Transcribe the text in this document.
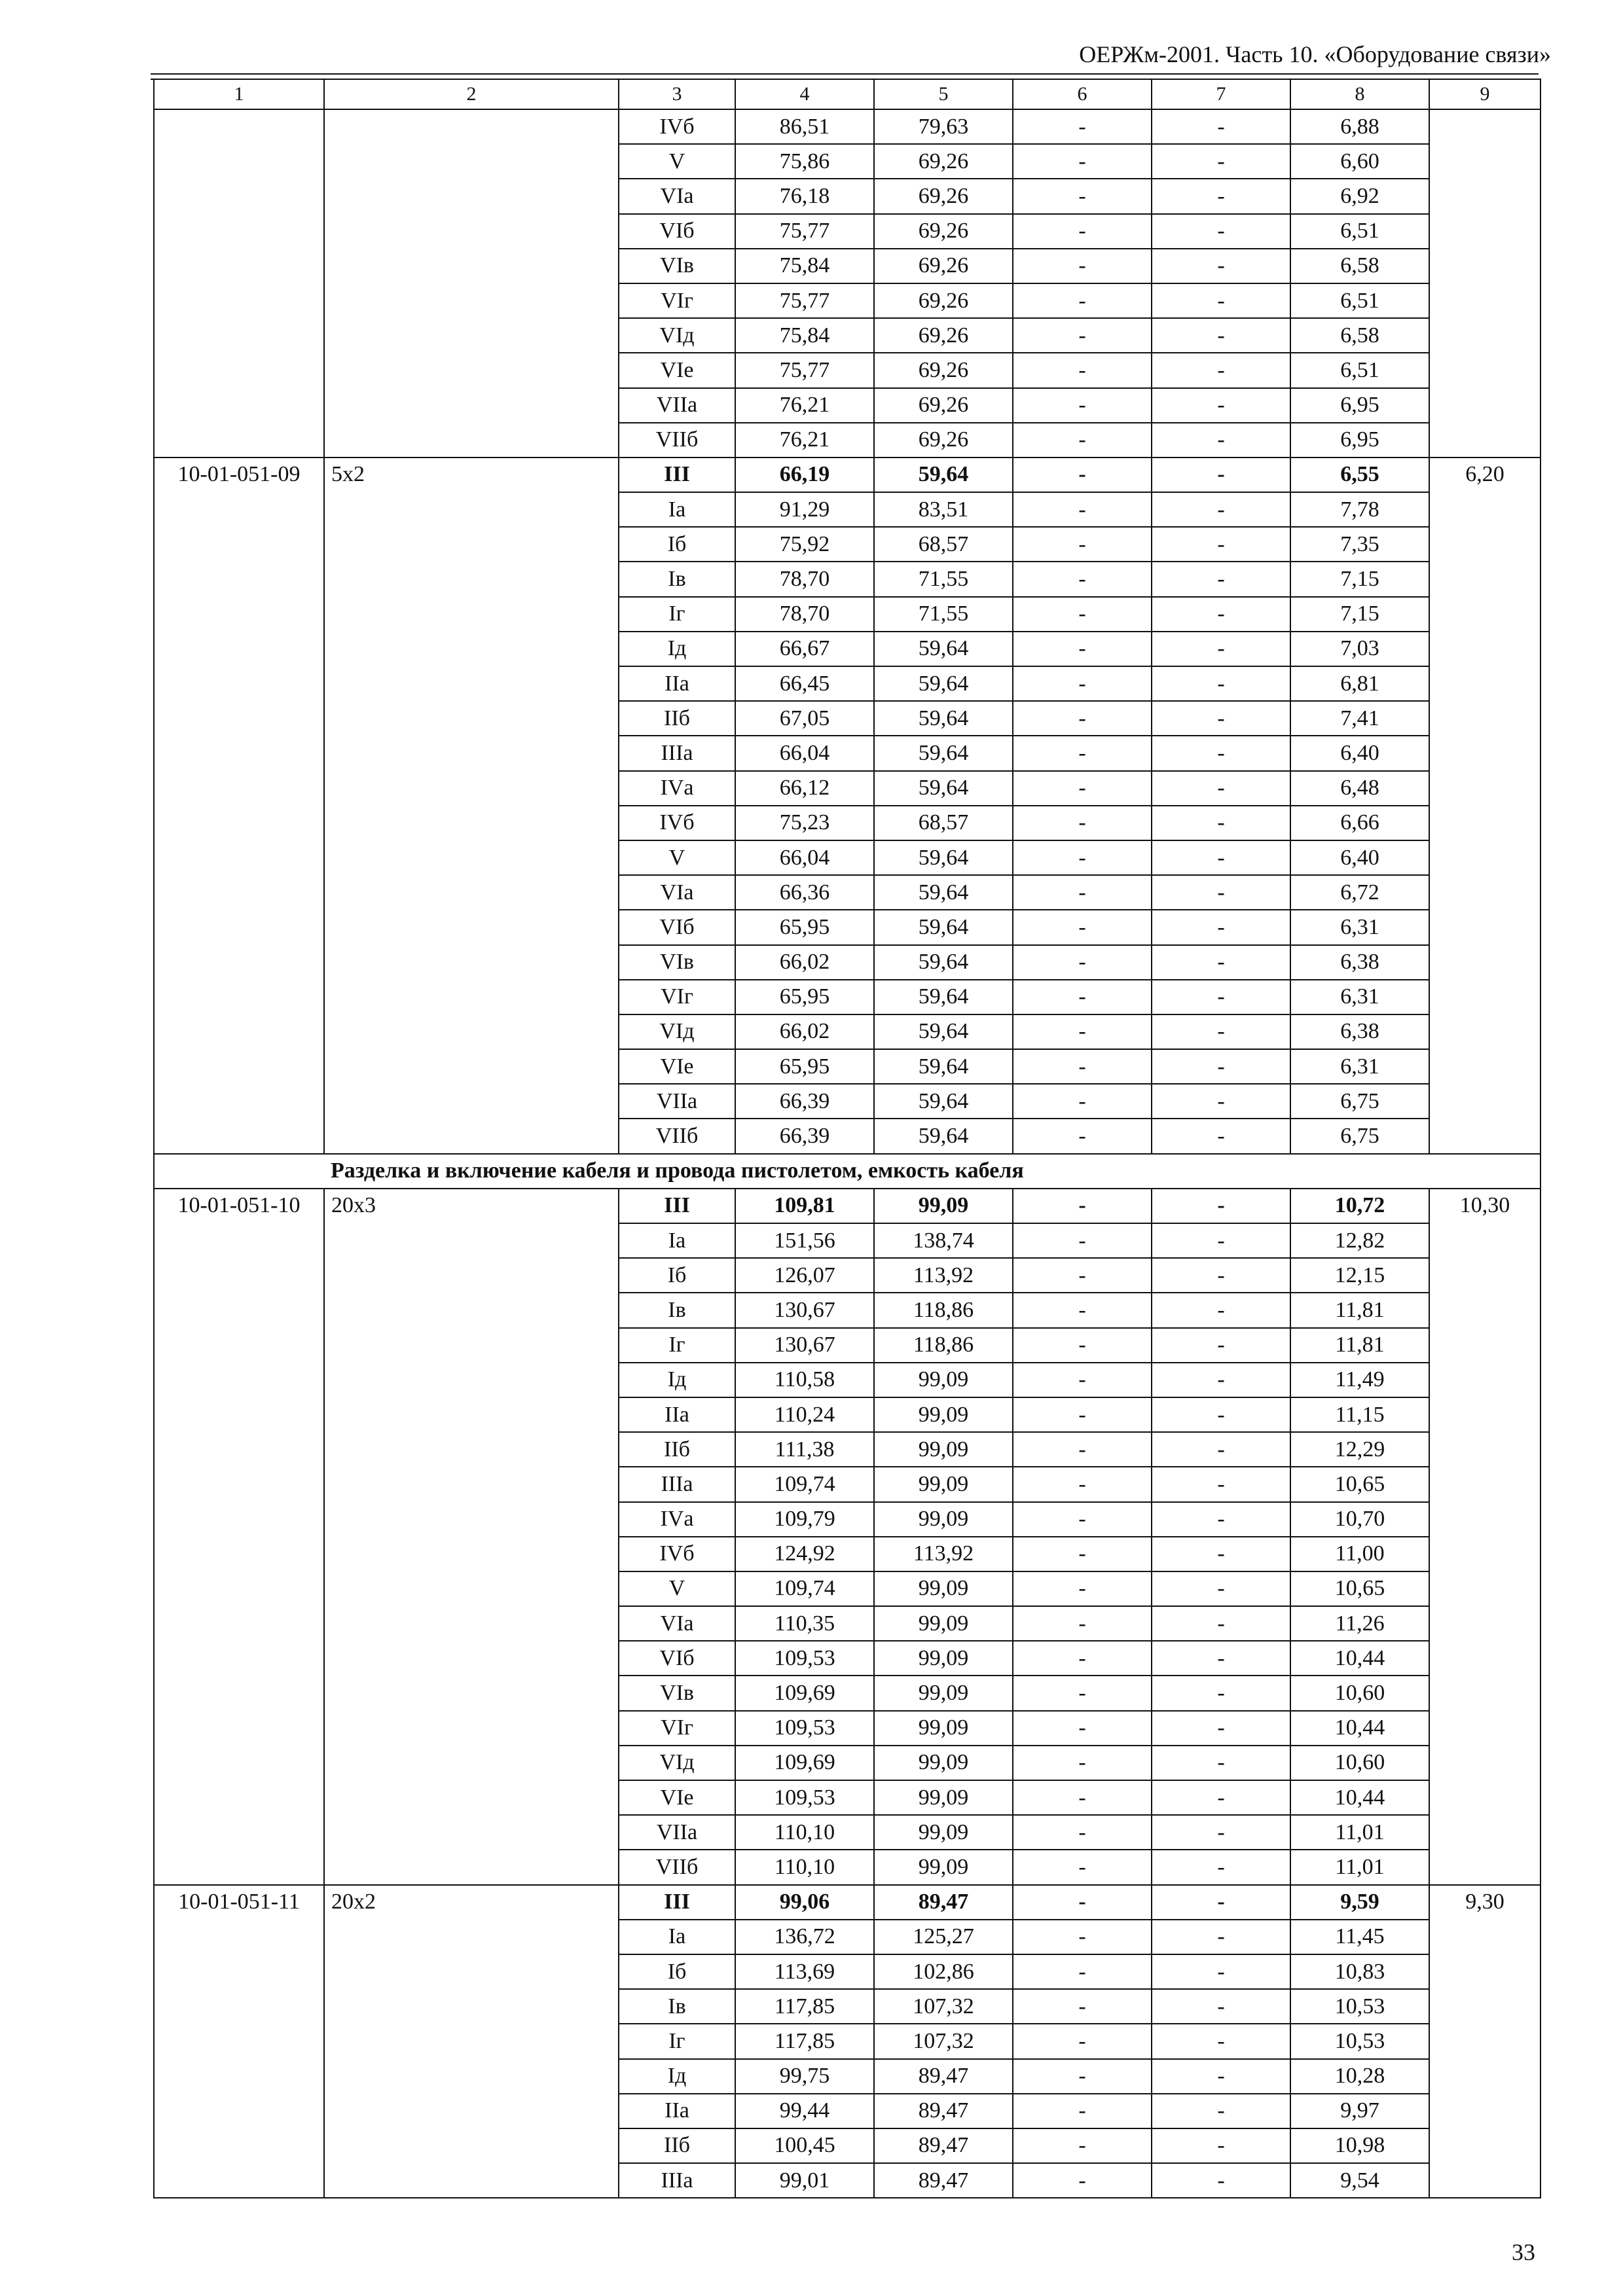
ОЕРЖм-2001. Часть 10. «Оборудование связи»
1	2	3	4	5	6	7	8	9
		IVб	86,51	79,63	-	-	6,88	
		V	75,86	69,26	-	-	6,60	
		VIа	76,18	69,26	-	-	6,92	
		VIб	75,77	69,26	-	-	6,51	
		VIв	75,84	69,26	-	-	6,58	
		VIг	75,77	69,26	-	-	6,51	
		VIд	75,84	69,26	-	-	6,58	
		VIе	75,77	69,26	-	-	6,51	
		VIIа	76,21	69,26	-	-	6,95	
		VIIб	76,21	69,26	-	-	6,95	
10-01-051-09	5х2	III	66,19	59,64	-	-	6,55	6,20
		Iа	91,29	83,51	-	-	7,78	
		Iб	75,92	68,57	-	-	7,35	
		Iв	78,70	71,55	-	-	7,15	
		Iг	78,70	71,55	-	-	7,15	
		Iд	66,67	59,64	-	-	7,03	
		IIа	66,45	59,64	-	-	6,81	
		IIб	67,05	59,64	-	-	7,41	
		IIIа	66,04	59,64	-	-	6,40	
		IVа	66,12	59,64	-	-	6,48	
		IVб	75,23	68,57	-	-	6,66	
		V	66,04	59,64	-	-	6,40	
		VIа	66,36	59,64	-	-	6,72	
		VIб	65,95	59,64	-	-	6,31	
		VIв	66,02	59,64	-	-	6,38	
		VIг	65,95	59,64	-	-	6,31	
		VIд	66,02	59,64	-	-	6,38	
		VIе	65,95	59,64	-	-	6,31	
		VIIа	66,39	59,64	-	-	6,75	
		VIIб	66,39	59,64	-	-	6,75	
	Разделка и включение кабеля и провода пистолетом, емкость кабеля							
10-01-051-10	20х3	III	109,81	99,09	-	-	10,72	10,30
		Iа	151,56	138,74	-	-	12,82	
		Iб	126,07	113,92	-	-	12,15	
		Iв	130,67	118,86	-	-	11,81	
		Iг	130,67	118,86	-	-	11,81	
		Iд	110,58	99,09	-	-	11,49	
		IIа	110,24	99,09	-	-	11,15	
		IIб	111,38	99,09	-	-	12,29	
		IIIа	109,74	99,09	-	-	10,65	
		IVа	109,79	99,09	-	-	10,70	
		IVб	124,92	113,92	-	-	11,00	
		V	109,74	99,09	-	-	10,65	
		VIа	110,35	99,09	-	-	11,26	
		VIб	109,53	99,09	-	-	10,44	
		VIв	109,69	99,09	-	-	10,60	
		VIг	109,53	99,09	-	-	10,44	
		VIд	109,69	99,09	-	-	10,60	
		VIе	109,53	99,09	-	-	10,44	
		VIIа	110,10	99,09	-	-	11,01	
		VIIб	110,10	99,09	-	-	11,01	
10-01-051-11	20х2	III	99,06	89,47	-	-	9,59	9,30
		Iа	136,72	125,27	-	-	11,45	
		Iб	113,69	102,86	-	-	10,83	
		Iв	117,85	107,32	-	-	10,53	
		Iг	117,85	107,32	-	-	10,53	
		Iд	99,75	89,47	-	-	10,28	
		IIа	99,44	89,47	-	-	9,97	
		IIб	100,45	89,47	-	-	10,98	
		IIIа	99,01	89,47	-	-	9,54	
33
